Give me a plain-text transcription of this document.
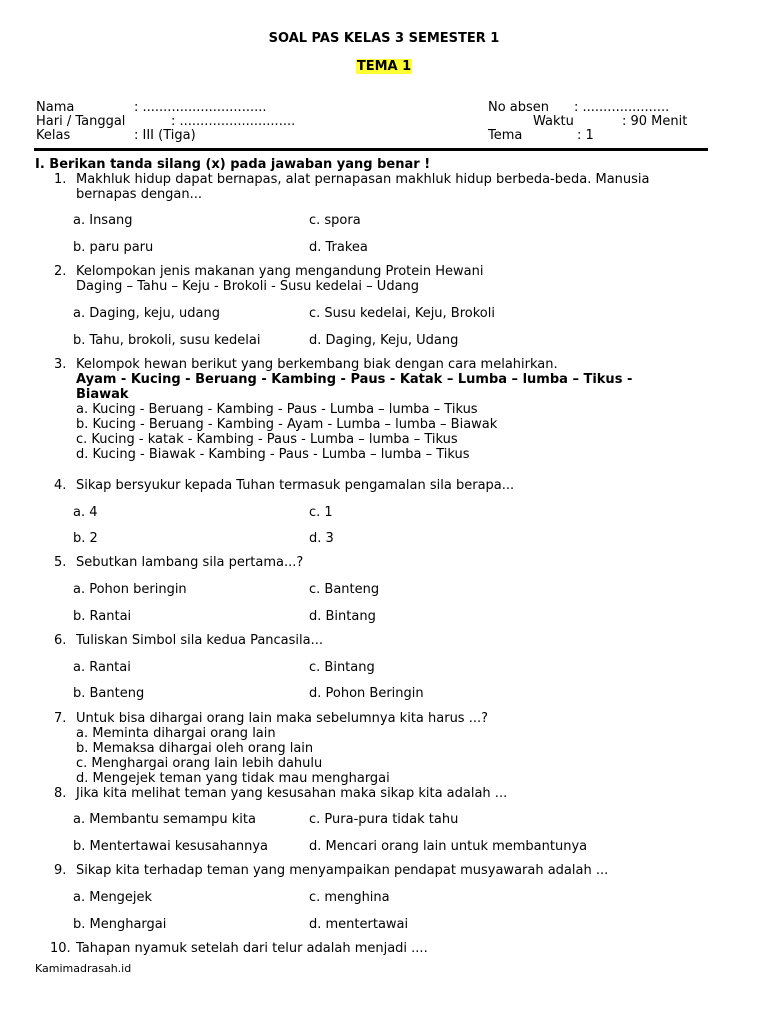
SOAL PAS KELAS 3 SEMESTER 1
TEMA 1
Nama	: ..............................
Hari / Tanggal	: ............................
Kelas	: III (Tiga)
No absen : .....................
Waktu	: 90 Menit
Tema	: 1
I. Berikan tanda silang (x) pada jawaban yang benar !
1. Makhluk hidup dapat bernapas, alat pernapasan makhluk hidup berbeda-beda. Manusia
bernapas dengan...
a. Insang
b. paru paru
c. spora
d. Trakea
2. Kelompokan jenis makanan yang mengandung Protein Hewani
Daging – Tahu – Keju - Brokoli - Susu kedelai – Udang
a. Daging, keju, udang
b. Tahu, brokoli, susu kedelai
c. Susu kedelai, Keju, Brokoli
d. Daging, Keju, Udang
3. Kelompok hewan berikut yang berkembang biak dengan cara melahirkan.
Ayam - Kucing - Beruang - Kambing - Paus - Katak – Lumba – lumba – Tikus -
Biawak
a. Kucing - Beruang - Kambing - Paus - Lumba – lumba – Tikus
b. Kucing - Beruang - Kambing - Ayam - Lumba – lumba – Biawak
c. Kucing - katak - Kambing - Paus - Lumba – lumba – Tikus
d. Kucing - Biawak - Kambing - Paus - Lumba – lumba – Tikus
4. Sikap bersyukur kepada Tuhan termasuk pengamalan sila berapa...
a. 4
b. 2
c. 1
d. 3
5. Sebutkan lambang sila pertama...?
a. Pohon beringin
b. Rantai
c. Banteng
d. Bintang
6. Tuliskan Simbol sila kedua Pancasila...
a. Rantai
b. Banteng
c. Bintang
d. Pohon Beringin
7. Untuk bisa dihargai orang lain maka sebelumnya kita harus ...?
a. Meminta dihargai orang lain
b. Memaksa dihargai oleh orang lain
c. Menghargai orang lain lebih dahulu
d. Mengejek teman yang tidak mau menghargai
8. Jika kita melihat teman yang kesusahan maka sikap kita adalah ...
a. Membantu semampu kita
b. Mentertawai kesusahannya
c. Pura-pura tidak tahu
d. Mencari orang lain untuk membantunya
9. Sikap kita terhadap teman yang menyampaikan pendapat musyawarah adalah ...
a. Mengejek
b. Menghargai
c. menghina
d. mentertawai
10. Tahapan nyamuk setelah dari telur adalah menjadi ....
Kamimadrasah.id
